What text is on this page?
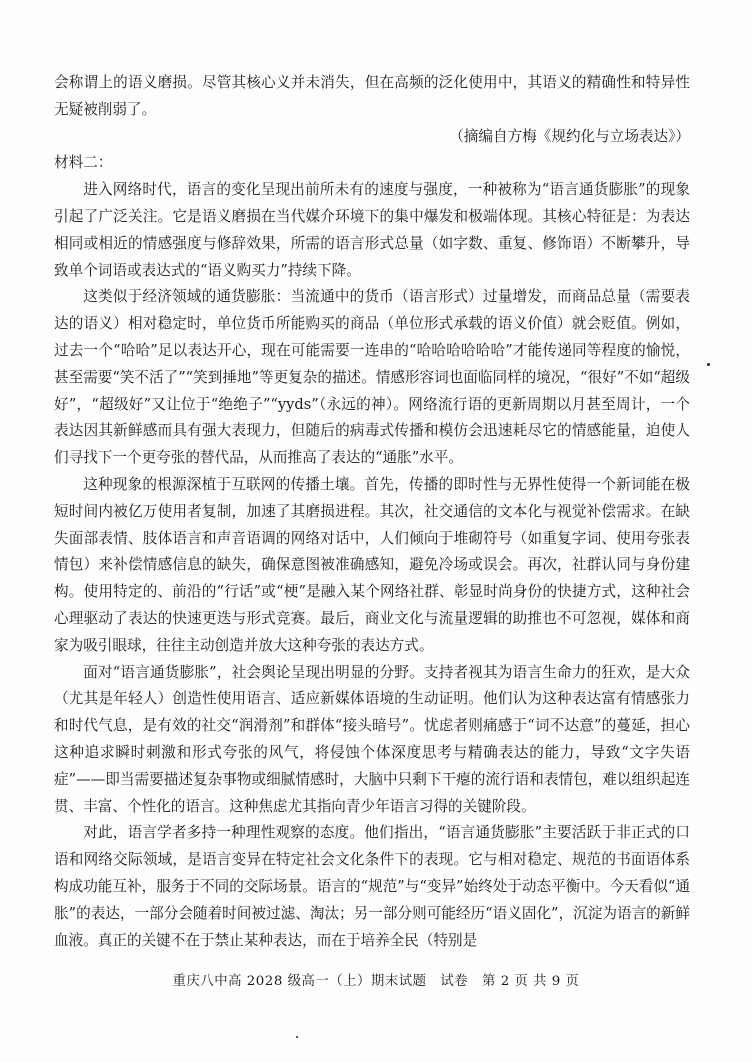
会称谓上的语义磨损。尽管其核心义并未消失，但在高频的泛化使用中，其语义的精确性和特异性无疑被削弱了。

（摘编自方梅《规约化与立场表达》）

材料二：

进入网络时代，语言的变化呈现出前所未有的速度与强度，一种被称为“语言通货膨胀”的现象引起了广泛关注。它是语义磨损在当代媒介环境下的集中爆发和极端体现。其核心特征是：为表达相同或相近的情感强度与修辞效果，所需的语言形式总量（如字数、重复、修饰语）不断攀升，导致单个词语或表达式的“语义购买力”持续下降。

这类似于经济领域的通货膨胀：当流通中的货币（语言形式）过量增发，而商品总量（需要表达的语义）相对稳定时，单位货币所能购买的商品（单位形式承载的语义价值）就会贬值。例如，过去一个“哈哈”足以表达开心，现在可能需要一连串的“哈哈哈哈哈哈”才能传递同等程度的愉悦，甚至需要“笑不活了”“笑到捶地”等更复杂的描述。情感形容词也面临同样的境况，“很好”不如“超级好”，“超级好”又让位于“绝绝子”“yyds”（永远的神）。网络流行语的更新周期以月甚至周计，一个表达因其新鲜感而具有强大表现力，但随后的病毒式传播和模仿会迅速耗尽它的情感能量，迫使人们寻找下一个更夸张的替代品，从而推高了表达的“通胀”水平。

这种现象的根源深植于互联网的传播土壤。首先，传播的即时性与无界性使得一个新词能在极短时间内被亿万使用者复制，加速了其磨损进程。其次，社交通信的文本化与视觉补偿需求。在缺失面部表情、肢体语言和声音语调的网络对话中，人们倾向于堆砌符号（如重复字词、使用夸张表情包）来补偿情感信息的缺失，确保意图被准确感知，避免冷场或误会。再次，社群认同与身份建构。使用特定的、前沿的“行话”或“梗”是融入某个网络社群、彰显时尚身份的快捷方式，这种社会心理驱动了表达的快速更迭与形式竞赛。最后，商业文化与流量逻辑的助推也不可忽视，媒体和商家为吸引眼球，往往主动创造并放大这种夸张的表达方式。

面对“语言通货膨胀”，社会舆论呈现出明显的分野。支持者视其为语言生命力的狂欢，是大众（尤其是年轻人）创造性使用语言、适应新媒体语境的生动证明。他们认为这种表达富有情感张力和时代气息，是有效的社交“润滑剂”和群体“接头暗号”。忧虑者则痛感于“词不达意”的蔓延，担心这种追求瞬时刺激和形式夸张的风气，将侵蚀个体深度思考与精确表达的能力，导致“文字失语症”——即当需要描述复杂事物或细腻情感时，大脑中只剩下干瘪的流行语和表情包，难以组织起连贯、丰富、个性化的语言。这种焦虑尤其指向青少年语言习得的关键阶段。

对此，语言学者多持一种理性观察的态度。他们指出，“语言通货膨胀”主要活跃于非正式的口语和网络交际领域，是语言变异在特定社会文化条件下的表现。它与相对稳定、规范的书面语体系构成功能互补，服务于不同的交际场景。语言的“规范”与“变异”始终处于动态平衡中。今天看似“通胀”的表达，一部分会随着时间被过滤、淘汰；另一部分则可能经历“语义固化”，沉淀为语言的新鲜血液。真正的关键不在于禁止某种表达，而在于培养全民（特别是

重庆八中高 2028 级高一（上）期末试题　试卷　第 2 页 共 9 页
